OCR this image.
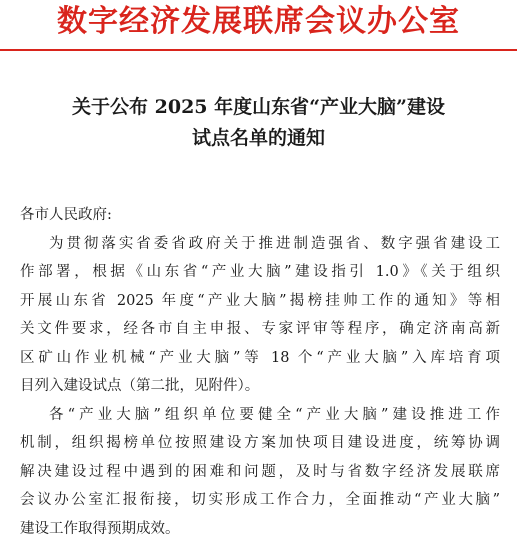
数字经济发展联席会议办公室
关于公布 2025 年度山东省“产业大脑”建设
试点名单的通知
各市人民政府:
为贯彻落实省委省政府关于推进制造强省、数字强省建设工
作部署，根据《山东省“产业大脑”建设指引 1.0》《关于组织
开展山东省 2025 年度“产业大脑”揭榜挂帅工作的通知》等相
关文件要求，经各市自主申报、专家评审等程序，确定济南高新
区矿山作业机械“产业大脑”等 18 个“产业大脑”入库培育项
目列入建设试点（第二批，见附件）。
各“产业大脑”组织单位要健全“产业大脑”建设推进工作
机制，组织揭榜单位按照建设方案加快项目建设进度，统筹协调
解决建设过程中遇到的困难和问题，及时与省数字经济发展联席
会议办公室汇报衔接，切实形成工作合力，全面推动“产业大脑”
建设工作取得预期成效。
